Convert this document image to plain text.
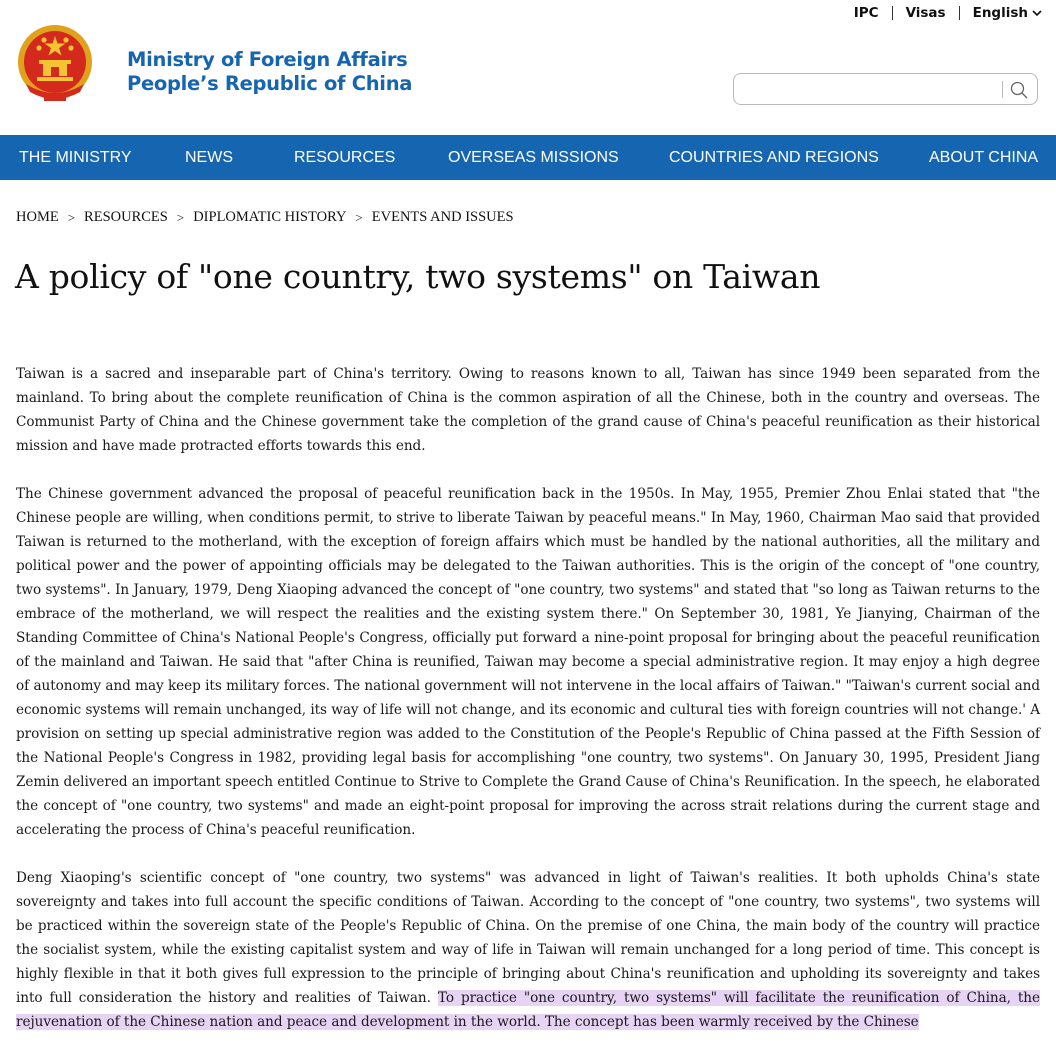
Ministry of Foreign Affairs
People’s Republic of China
IPC Visas English
THE MINISTRY	NEWS	RESOURCES	OVERSEAS MISSIONS	COUNTRIES AND REGIONS	ABOUT CHINA
HOME > RESOURCES > DIPLOMATIC HISTORY > EVENTS AND ISSUES
A policy of "one country, two systems" on Taiwan

Taiwan is a sacred and inseparable part of China's territory. Owing to reasons known to all, Taiwan has since 1949 been separated from the mainland. To bring about the complete reunification of China is the common aspiration of all the Chinese, both in the country and overseas. The Communist Party of China and the Chinese government take the completion of the grand cause of China's peaceful reunification as their historical mission and have made protracted efforts towards this end.

The Chinese government advanced the proposal of peaceful reunification back in the 1950s. In May, 1955, Premier Zhou Enlai stated that "the Chinese people are willing, when conditions permit, to strive to liberate Taiwan by peaceful means." In May, 1960, Chairman Mao said that provided Taiwan is returned to the motherland, with the exception of foreign affairs which must be handled by the national authorities, all the military and political power and the power of appointing officials may be delegated to the Taiwan authorities. This is the origin of the concept of "one country, two systems". In January, 1979, Deng Xiaoping advanced the concept of "one country, two systems" and stated that "so long as Taiwan returns to the embrace of the motherland, we will respect the realities and the existing system there." On September 30, 1981, Ye Jianying, Chairman of the Standing Committee of China's National People's Congress, officially put forward a nine-point proposal for bringing about the peaceful reunification of the mainland and Taiwan. He said that "after China is reunified, Taiwan may become a special administrative region. It may enjoy a high degree of autonomy and may keep its military forces. The national government will not intervene in the local affairs of Taiwan." "Taiwan's current social and economic systems will remain unchanged, its way of life will not change, and its economic and cultural ties with foreign countries will not change.' A provision on setting up special administrative region was added to the Constitution of the People's Republic of China passed at the Fifth Session of the National People's Congress in 1982, providing legal basis for accomplishing "one country, two systems". On January 30, 1995, President Jiang Zemin delivered an important speech entitled Continue to Strive to Complete the Grand Cause of China's Reunification. In the speech, he elaborated the concept of "one country, two systems" and made an eight-point proposal for improving the across strait relations during the current stage and accelerating the process of China's peaceful reunification.

Deng Xiaoping's scientific concept of "one country, two systems" was advanced in light of Taiwan's realities. It both upholds China's state sovereignty and takes into full account the specific conditions of Taiwan. According to the concept of "one country, two systems", two systems will be practiced within the sovereign state of the People's Republic of China. On the premise of one China, the main body of the country will practice the socialist system, while the existing capitalist system and way of life in Taiwan will remain unchanged for a long period of time. This concept is highly flexible in that it both gives full expression to the principle of bringing about China's reunification and upholding its sovereignty and takes into full consideration the history and realities of Taiwan. To practice "one country, two systems" will facilitate the reunification of China, the rejuvenation of the Chinese nation and peace and development in the world. The concept has been warmly received by the Chinese
